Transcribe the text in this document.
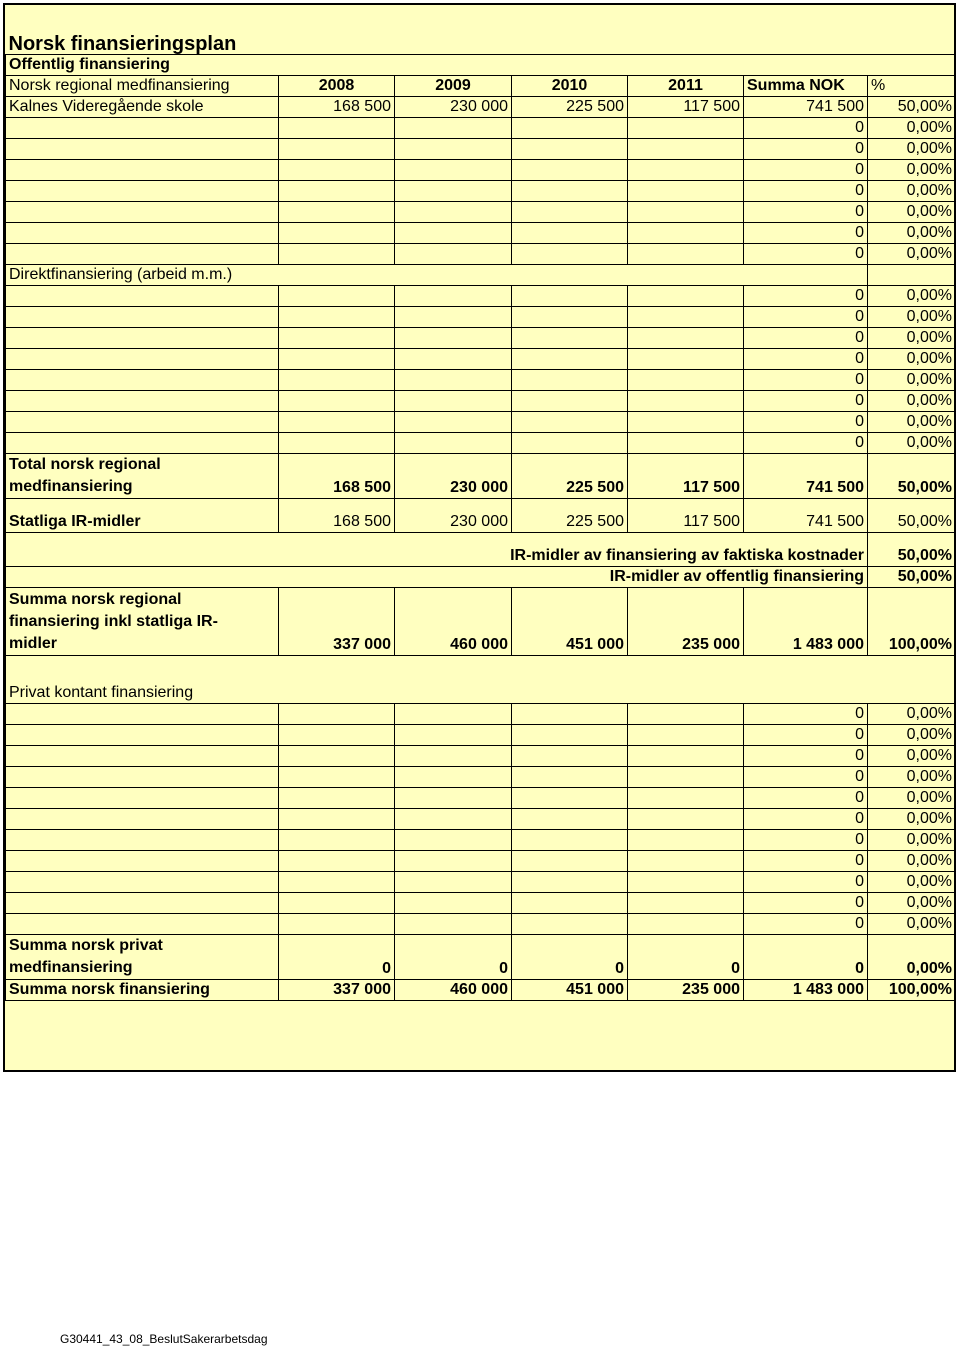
Norsk finansieringsplan						
Offentlig finansiering						
Norsk regional medfinansiering	2008	2009	2010	2011	Summa NOK	%
Kalnes Videregående skole	168 500	230 000	225 500	117 500	741 500	50,00%
					0	0,00%
					0	0,00%
					0	0,00%
					0	0,00%
					0	0,00%
					0	0,00%
					0	0,00%
Direktfinansiering (arbeid m.m.)						
					0	0,00%
					0	0,00%
					0	0,00%
					0	0,00%
					0	0,00%
					0	0,00%
					0	0,00%
					0	0,00%

Total norsk regional
medfinansiering	168 500	230 000	225 500	117 500	741 500	50,00%
Statliga IR-midler	168 500	230 000	225 500	117 500	741 500	50,00%
IR-midler av finansiering av faktiska kostnader						50,00%
IR-midler av offentlig finansiering						50,00%

Summa norsk regional
finansiering inkl statliga IR-
midler	337 000	460 000	451 000	235 000	1 483 000	100,00%
Privat kontant finansiering						
					0	0,00%
					0	0,00%
					0	0,00%
					0	0,00%
					0	0,00%
					0	0,00%
					0	0,00%
					0	0,00%
					0	0,00%
					0	0,00%
					0	0,00%

Summa norsk privat
medfinansiering	0	0	0	0	0	0,00%
Summa norsk finansiering	337 000	460 000	451 000	235 000	1 483 000	100,00%
G30441_43_08_BeslutSakerarbetsdag
